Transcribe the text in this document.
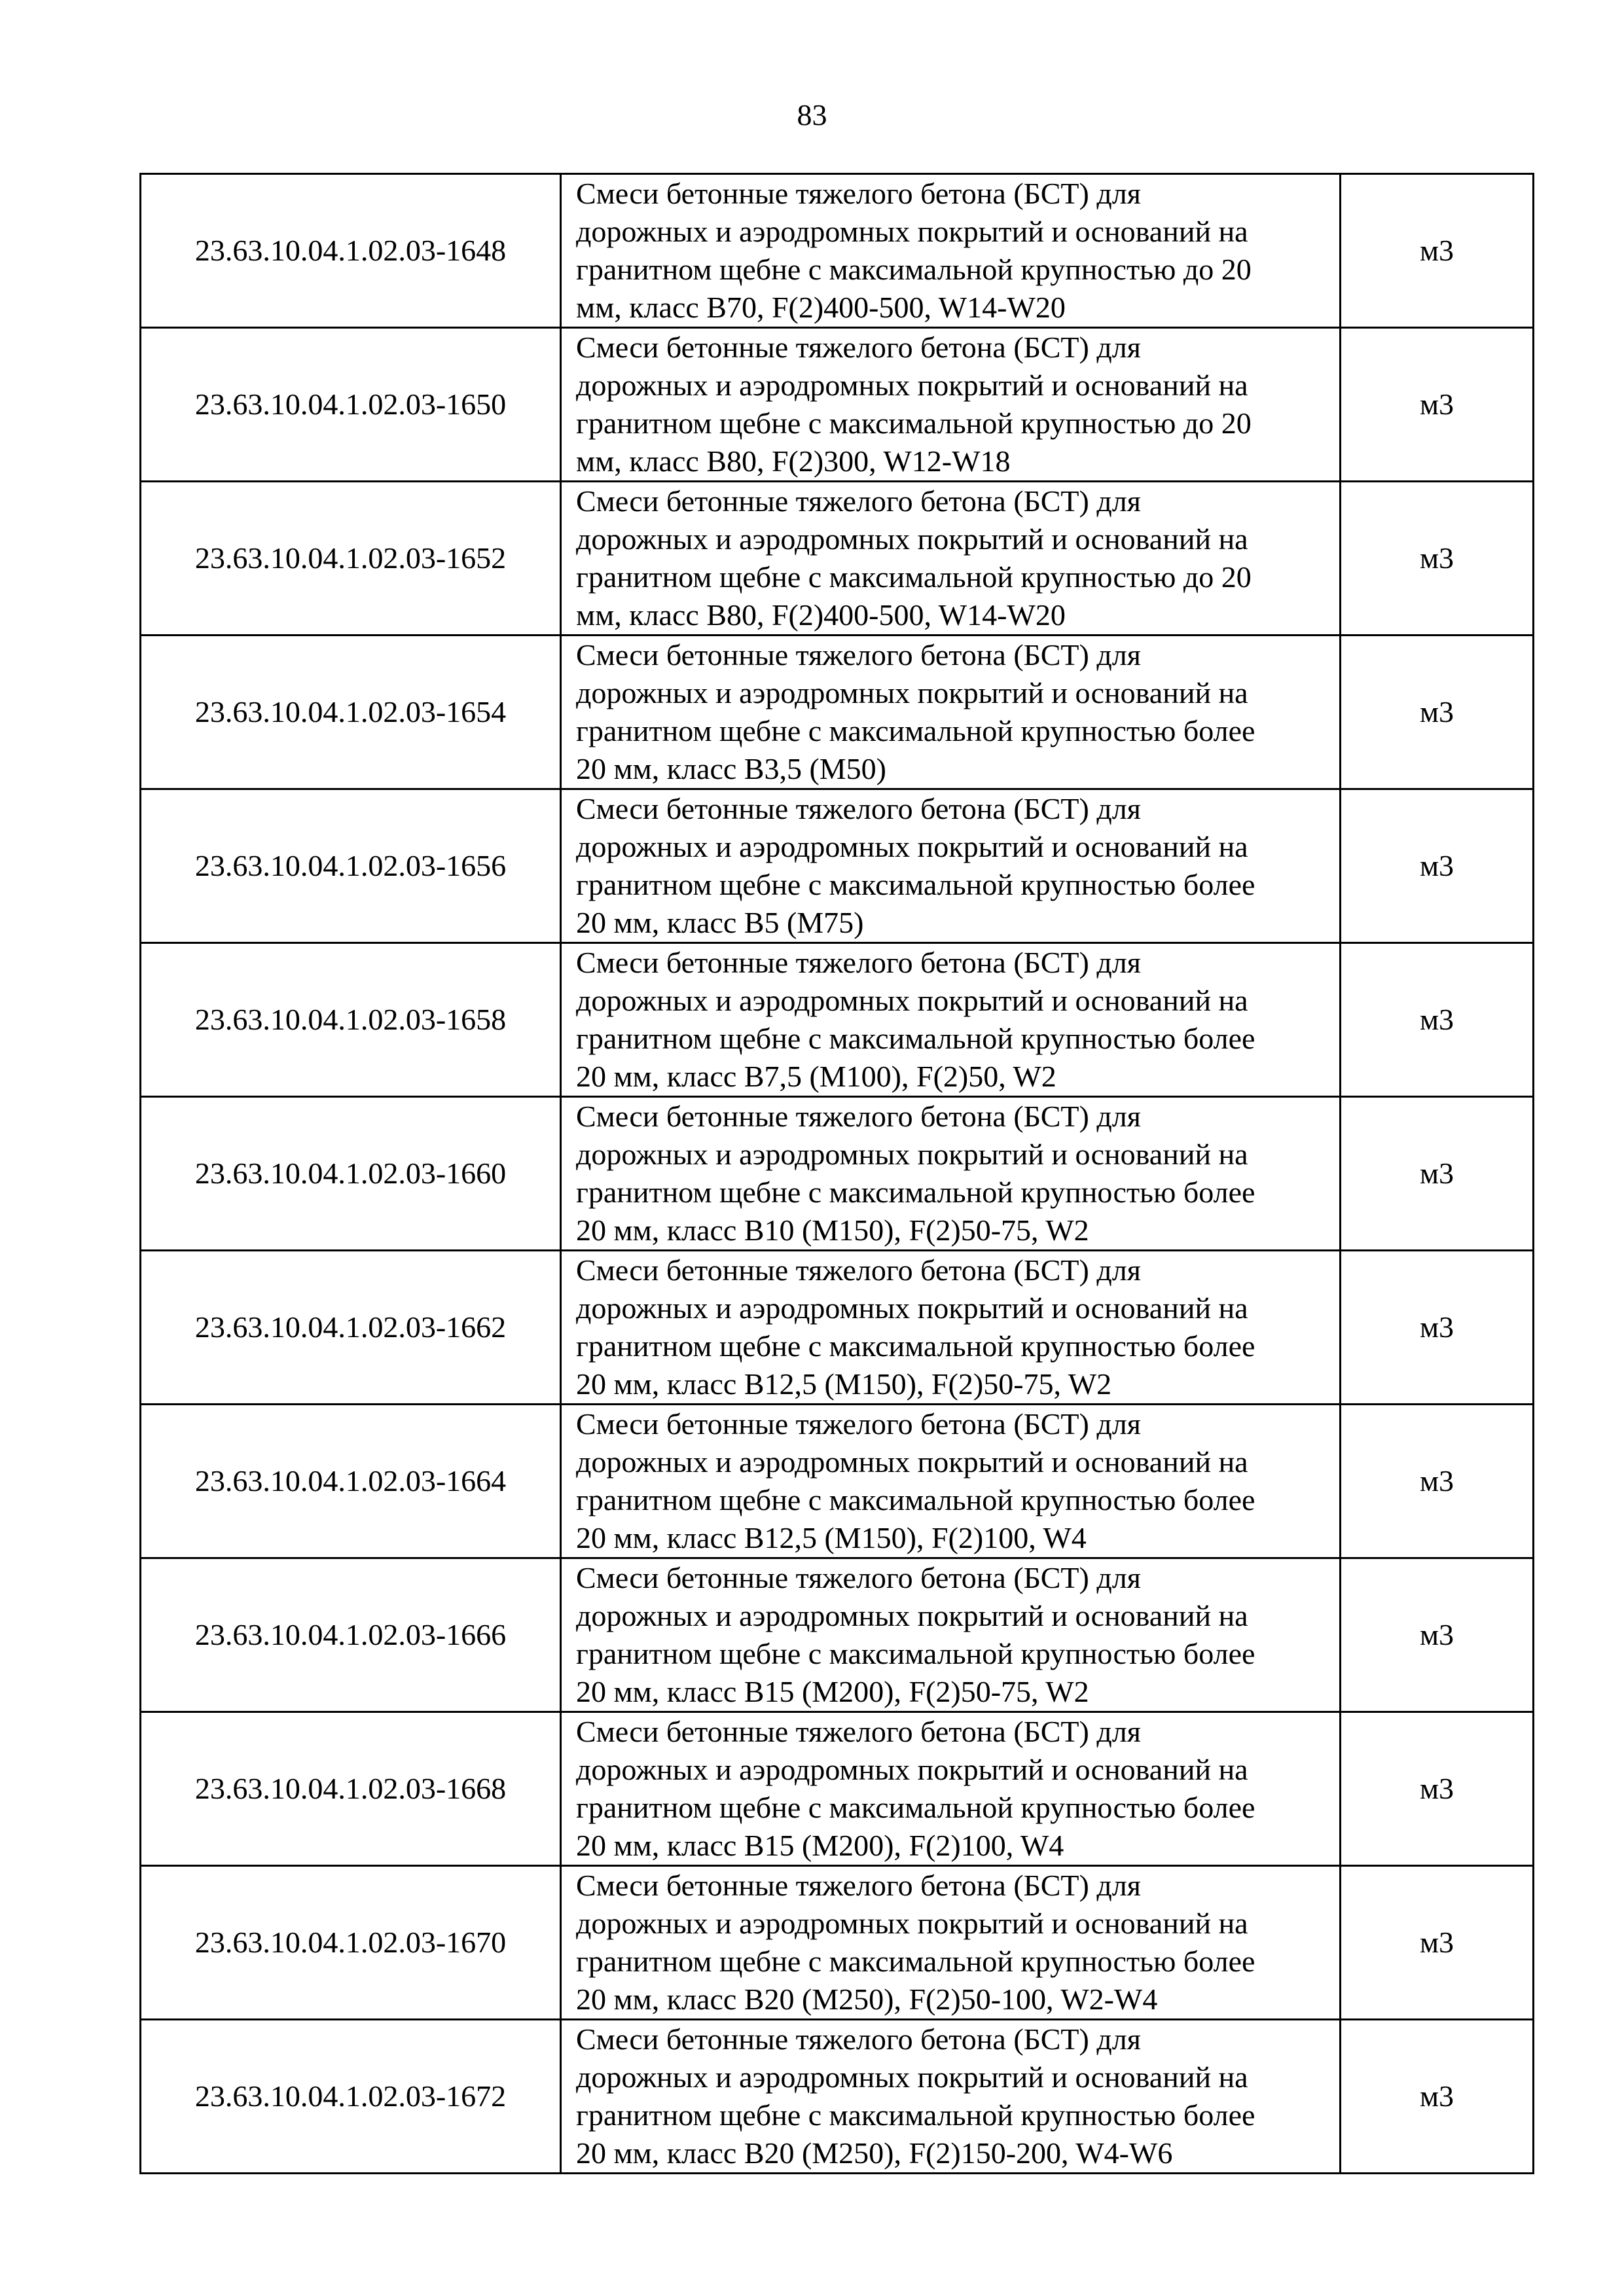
83
23.63.10.04.1.02.03-1648	Смеси бетонные тяжелого бетона (БСТ) для
дорожных и аэродромных покрытий и оснований на
гранитном щебне с максимальной крупностью до 20
мм, класс B70, F(2)400-500, W14-W20	м3
23.63.10.04.1.02.03-1650	Смеси бетонные тяжелого бетона (БСТ) для
дорожных и аэродромных покрытий и оснований на
гранитном щебне с максимальной крупностью до 20
мм, класс B80, F(2)300, W12-W18	м3
23.63.10.04.1.02.03-1652	Смеси бетонные тяжелого бетона (БСТ) для
дорожных и аэродромных покрытий и оснований на
гранитном щебне с максимальной крупностью до 20
мм, класс B80, F(2)400-500, W14-W20	м3
23.63.10.04.1.02.03-1654	Смеси бетонные тяжелого бетона (БСТ) для
дорожных и аэродромных покрытий и оснований на
гранитном щебне с максимальной крупностью более
20 мм, класс B3,5 (M50)	м3
23.63.10.04.1.02.03-1656	Смеси бетонные тяжелого бетона (БСТ) для
дорожных и аэродромных покрытий и оснований на
гранитном щебне с максимальной крупностью более
20 мм, класс B5 (M75)	м3
23.63.10.04.1.02.03-1658	Смеси бетонные тяжелого бетона (БСТ) для
дорожных и аэродромных покрытий и оснований на
гранитном щебне с максимальной крупностью более
20 мм, класс B7,5 (M100), F(2)50, W2	м3
23.63.10.04.1.02.03-1660	Смеси бетонные тяжелого бетона (БСТ) для
дорожных и аэродромных покрытий и оснований на
гранитном щебне с максимальной крупностью более
20 мм, класс B10 (M150), F(2)50-75, W2	м3
23.63.10.04.1.02.03-1662	Смеси бетонные тяжелого бетона (БСТ) для
дорожных и аэродромных покрытий и оснований на
гранитном щебне с максимальной крупностью более
20 мм, класс B12,5 (M150), F(2)50-75, W2	м3
23.63.10.04.1.02.03-1664	Смеси бетонные тяжелого бетона (БСТ) для
дорожных и аэродромных покрытий и оснований на
гранитном щебне с максимальной крупностью более
20 мм, класс B12,5 (M150), F(2)100, W4	м3
23.63.10.04.1.02.03-1666	Смеси бетонные тяжелого бетона (БСТ) для
дорожных и аэродромных покрытий и оснований на
гранитном щебне с максимальной крупностью более
20 мм, класс B15 (M200), F(2)50-75, W2	м3
23.63.10.04.1.02.03-1668	Смеси бетонные тяжелого бетона (БСТ) для
дорожных и аэродромных покрытий и оснований на
гранитном щебне с максимальной крупностью более
20 мм, класс B15 (M200), F(2)100, W4	м3
23.63.10.04.1.02.03-1670	Смеси бетонные тяжелого бетона (БСТ) для
дорожных и аэродромных покрытий и оснований на
гранитном щебне с максимальной крупностью более
20 мм, класс B20 (M250), F(2)50-100, W2-W4	м3
23.63.10.04.1.02.03-1672	Смеси бетонные тяжелого бетона (БСТ) для
дорожных и аэродромных покрытий и оснований на
гранитном щебне с максимальной крупностью более
20 мм, класс B20 (M250), F(2)150-200, W4-W6	м3
